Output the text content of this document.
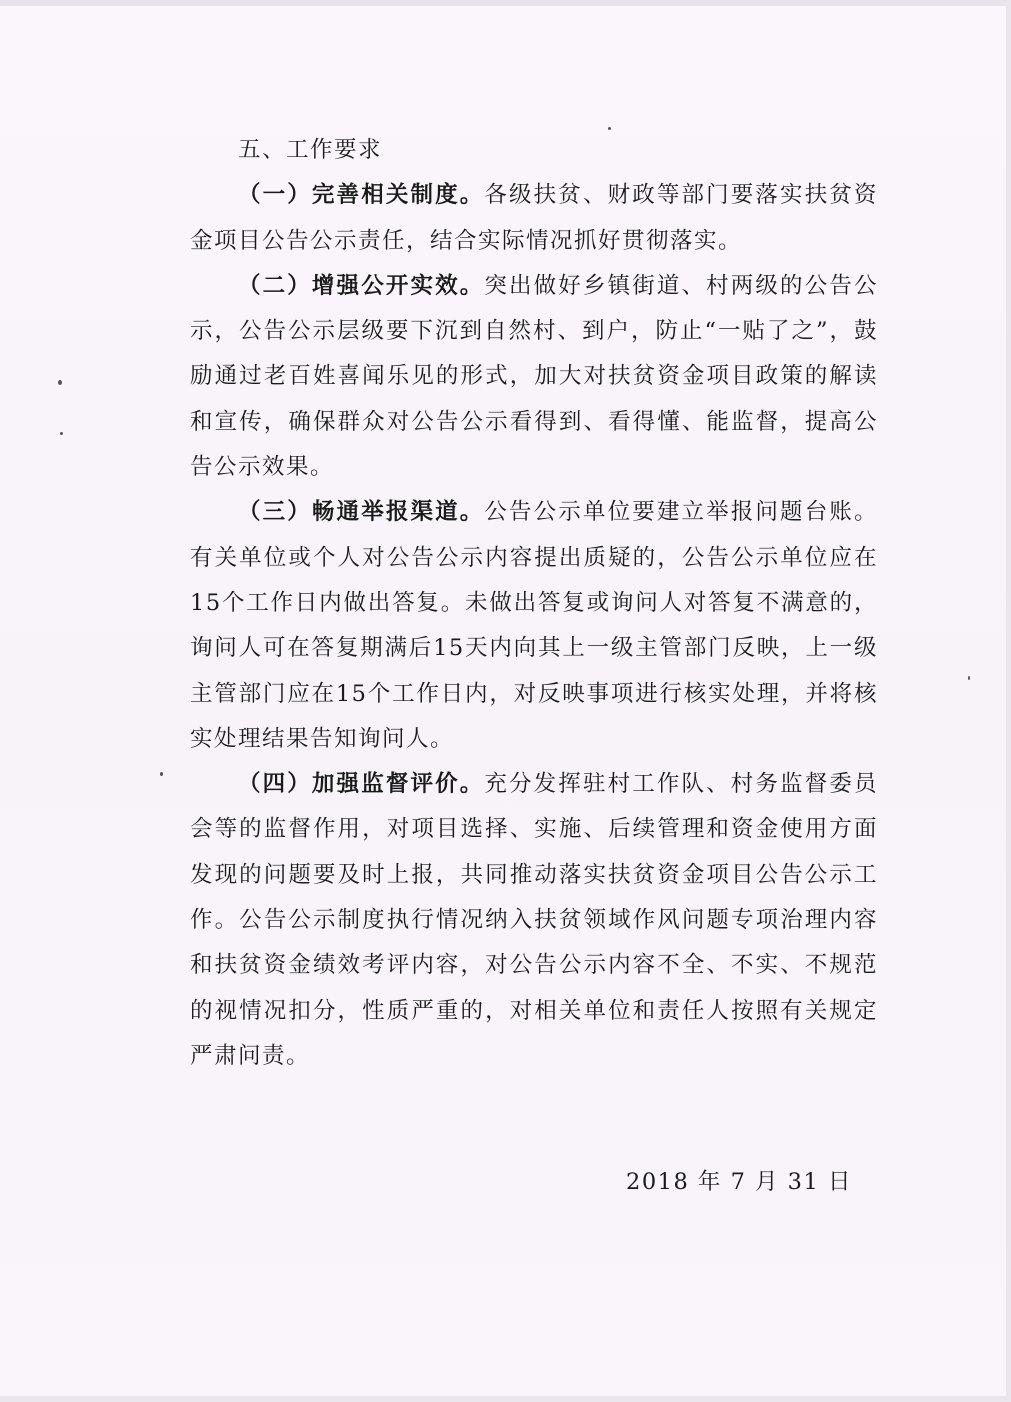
五、工作要求

（一）完善相关制度。各级扶贫、财政等部门要落实扶贫资金项目公告公示责任，结合实际情况抓好贯彻落实。

（二）增强公开实效。突出做好乡镇街道、村两级的公告公示，公告公示层级要下沉到自然村、到户，防止“一贴了之”，鼓励通过老百姓喜闻乐见的形式，加大对扶贫资金项目政策的解读和宣传，确保群众对公告公示看得到、看得懂、能监督，提高公告公示效果。

（三）畅通举报渠道。公告公示单位要建立举报问题台账。有关单位或个人对公告公示内容提出质疑的，公告公示单位应在15个工作日内做出答复。未做出答复或询问人对答复不满意的，询问人可在答复期满后15天内向其上一级主管部门反映，上一级主管部门应在15个工作日内，对反映事项进行核实处理，并将核实处理结果告知询问人。

（四）加强监督评价。充分发挥驻村工作队、村务监督委员会等的监督作用，对项目选择、实施、后续管理和资金使用方面发现的问题要及时上报，共同推动落实扶贫资金项目公告公示工作。公告公示制度执行情况纳入扶贫领域作风问题专项治理内容和扶贫资金绩效考评内容，对公告公示内容不全、不实、不规范的视情况扣分，性质严重的，对相关单位和责任人按照有关规定严肃问责。

2018 年 7 月 31 日
